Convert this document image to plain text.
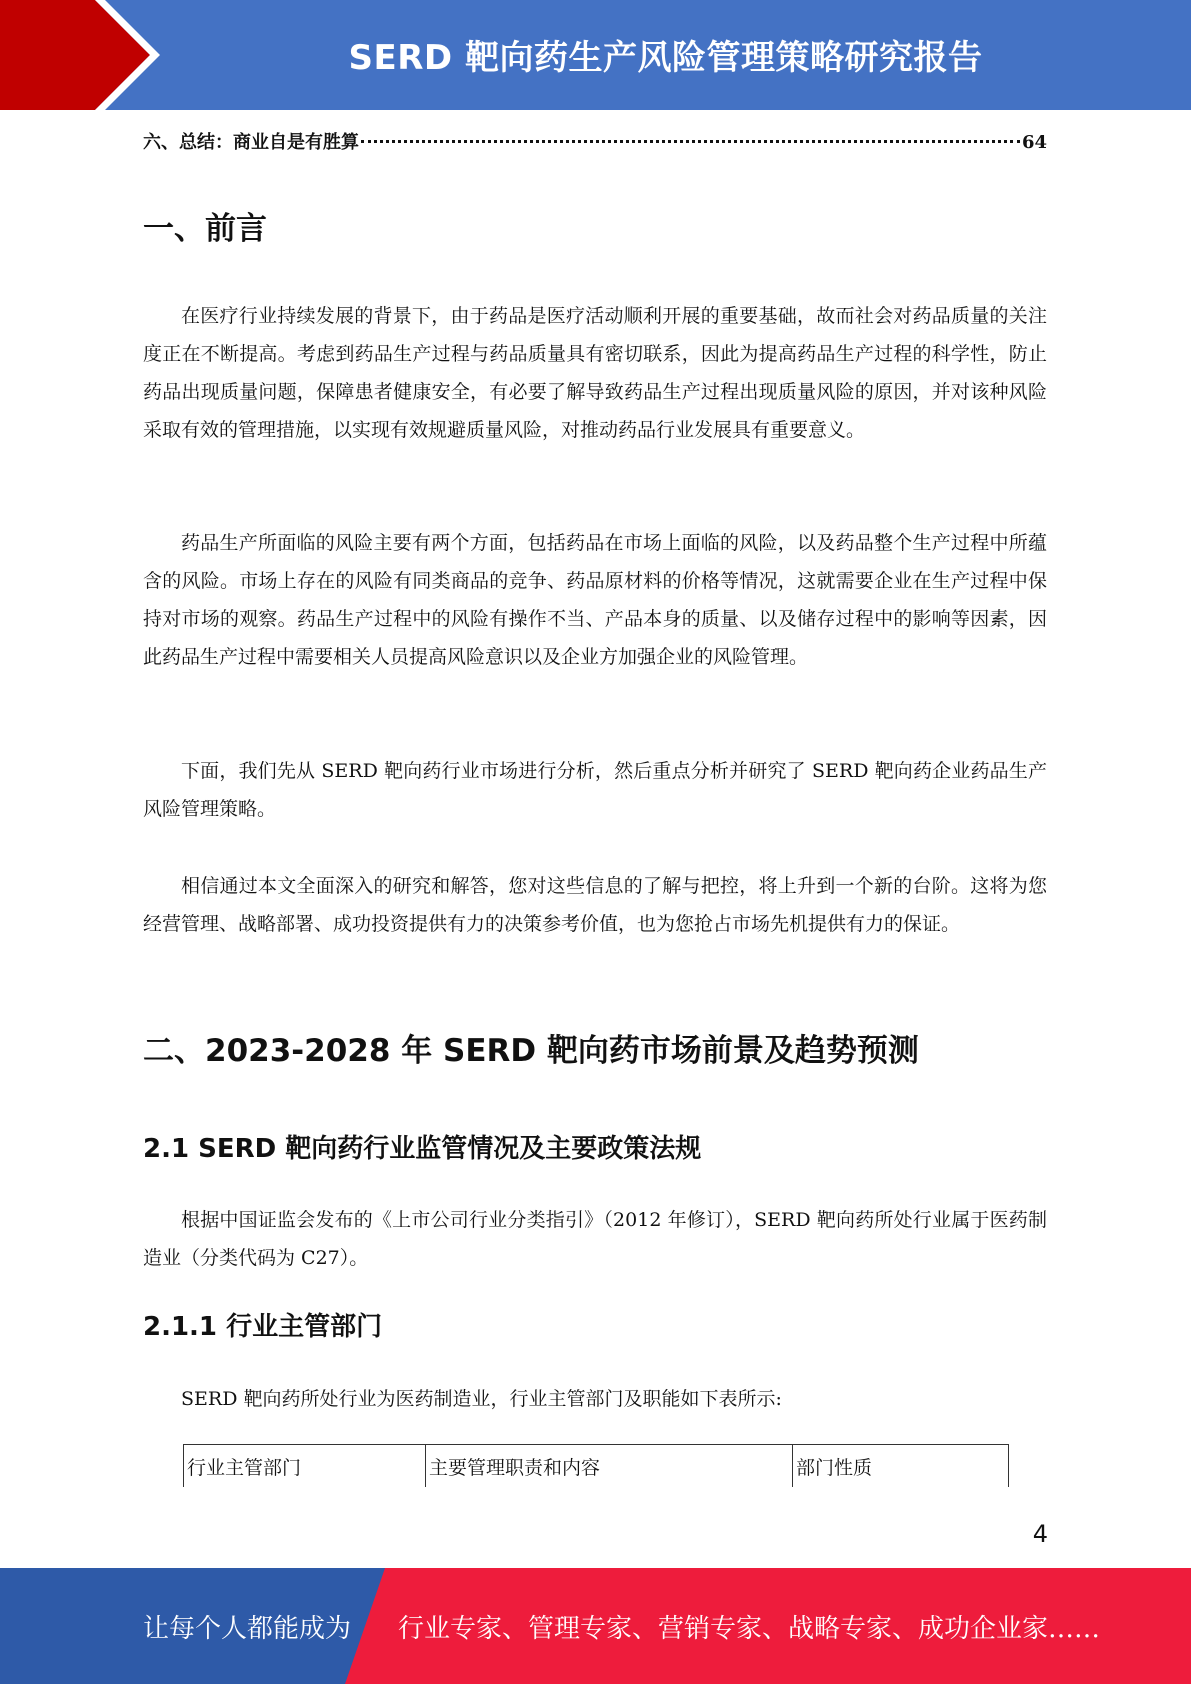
SERD 靶向药生产风险管理策略研究报告
六、总结：商业自是有胜算	64
一、前言

在医疗行业持续发展的背景下，由于药品是医疗活动顺利开展的重要基础，故而社会对药品质量的关注度正在不断提高。考虑到药品生产过程与药品质量具有密切联系，因此为提高药品生产过程的科学性，防止药品出现质量问题，保障患者健康安全，有必要了解导致药品生产过程出现质量风险的原因，并对该种风险采取有效的管理措施，以实现有效规避质量风险，对推动药品行业发展具有重要意义。

药品生产所面临的风险主要有两个方面，包括药品在市场上面临的风险，以及药品整个生产过程中所蕴含的风险。市场上存在的风险有同类商品的竞争、药品原材料的价格等情况，这就需要企业在生产过程中保持对市场的观察。药品生产过程中的风险有操作不当、产品本身的质量、以及储存过程中的影响等因素，因此药品生产过程中需要相关人员提高风险意识以及企业方加强企业的风险管理。

下面，我们先从 SERD 靶向药行业市场进行分析，然后重点分析并研究了 SERD 靶向药企业药品生产风险管理策略。

相信通过本文全面深入的研究和解答，您对这些信息的了解与把控，将上升到一个新的台阶。这将为您经营管理、战略部署、成功投资提供有力的决策参考价值，也为您抢占市场先机提供有力的保证。

二、2023-2028 年 SERD 靶向药市场前景及趋势预测
2.1 SERD 靶向药行业监管情况及主要政策法规

根据中国证监会发布的《上市公司行业分类指引》（2012 年修订），SERD 靶向药所处行业属于医药制造业（分类代码为 C27）。

2.1.1 行业主管部门

SERD 靶向药所处行业为医药制造业，行业主管部门及职能如下表所示:

行业主管部门	主要管理职责和内容	部门性质
4
让每个人都能成为 行业专家、管理专家、营销专家、战略专家、成功企业家……
